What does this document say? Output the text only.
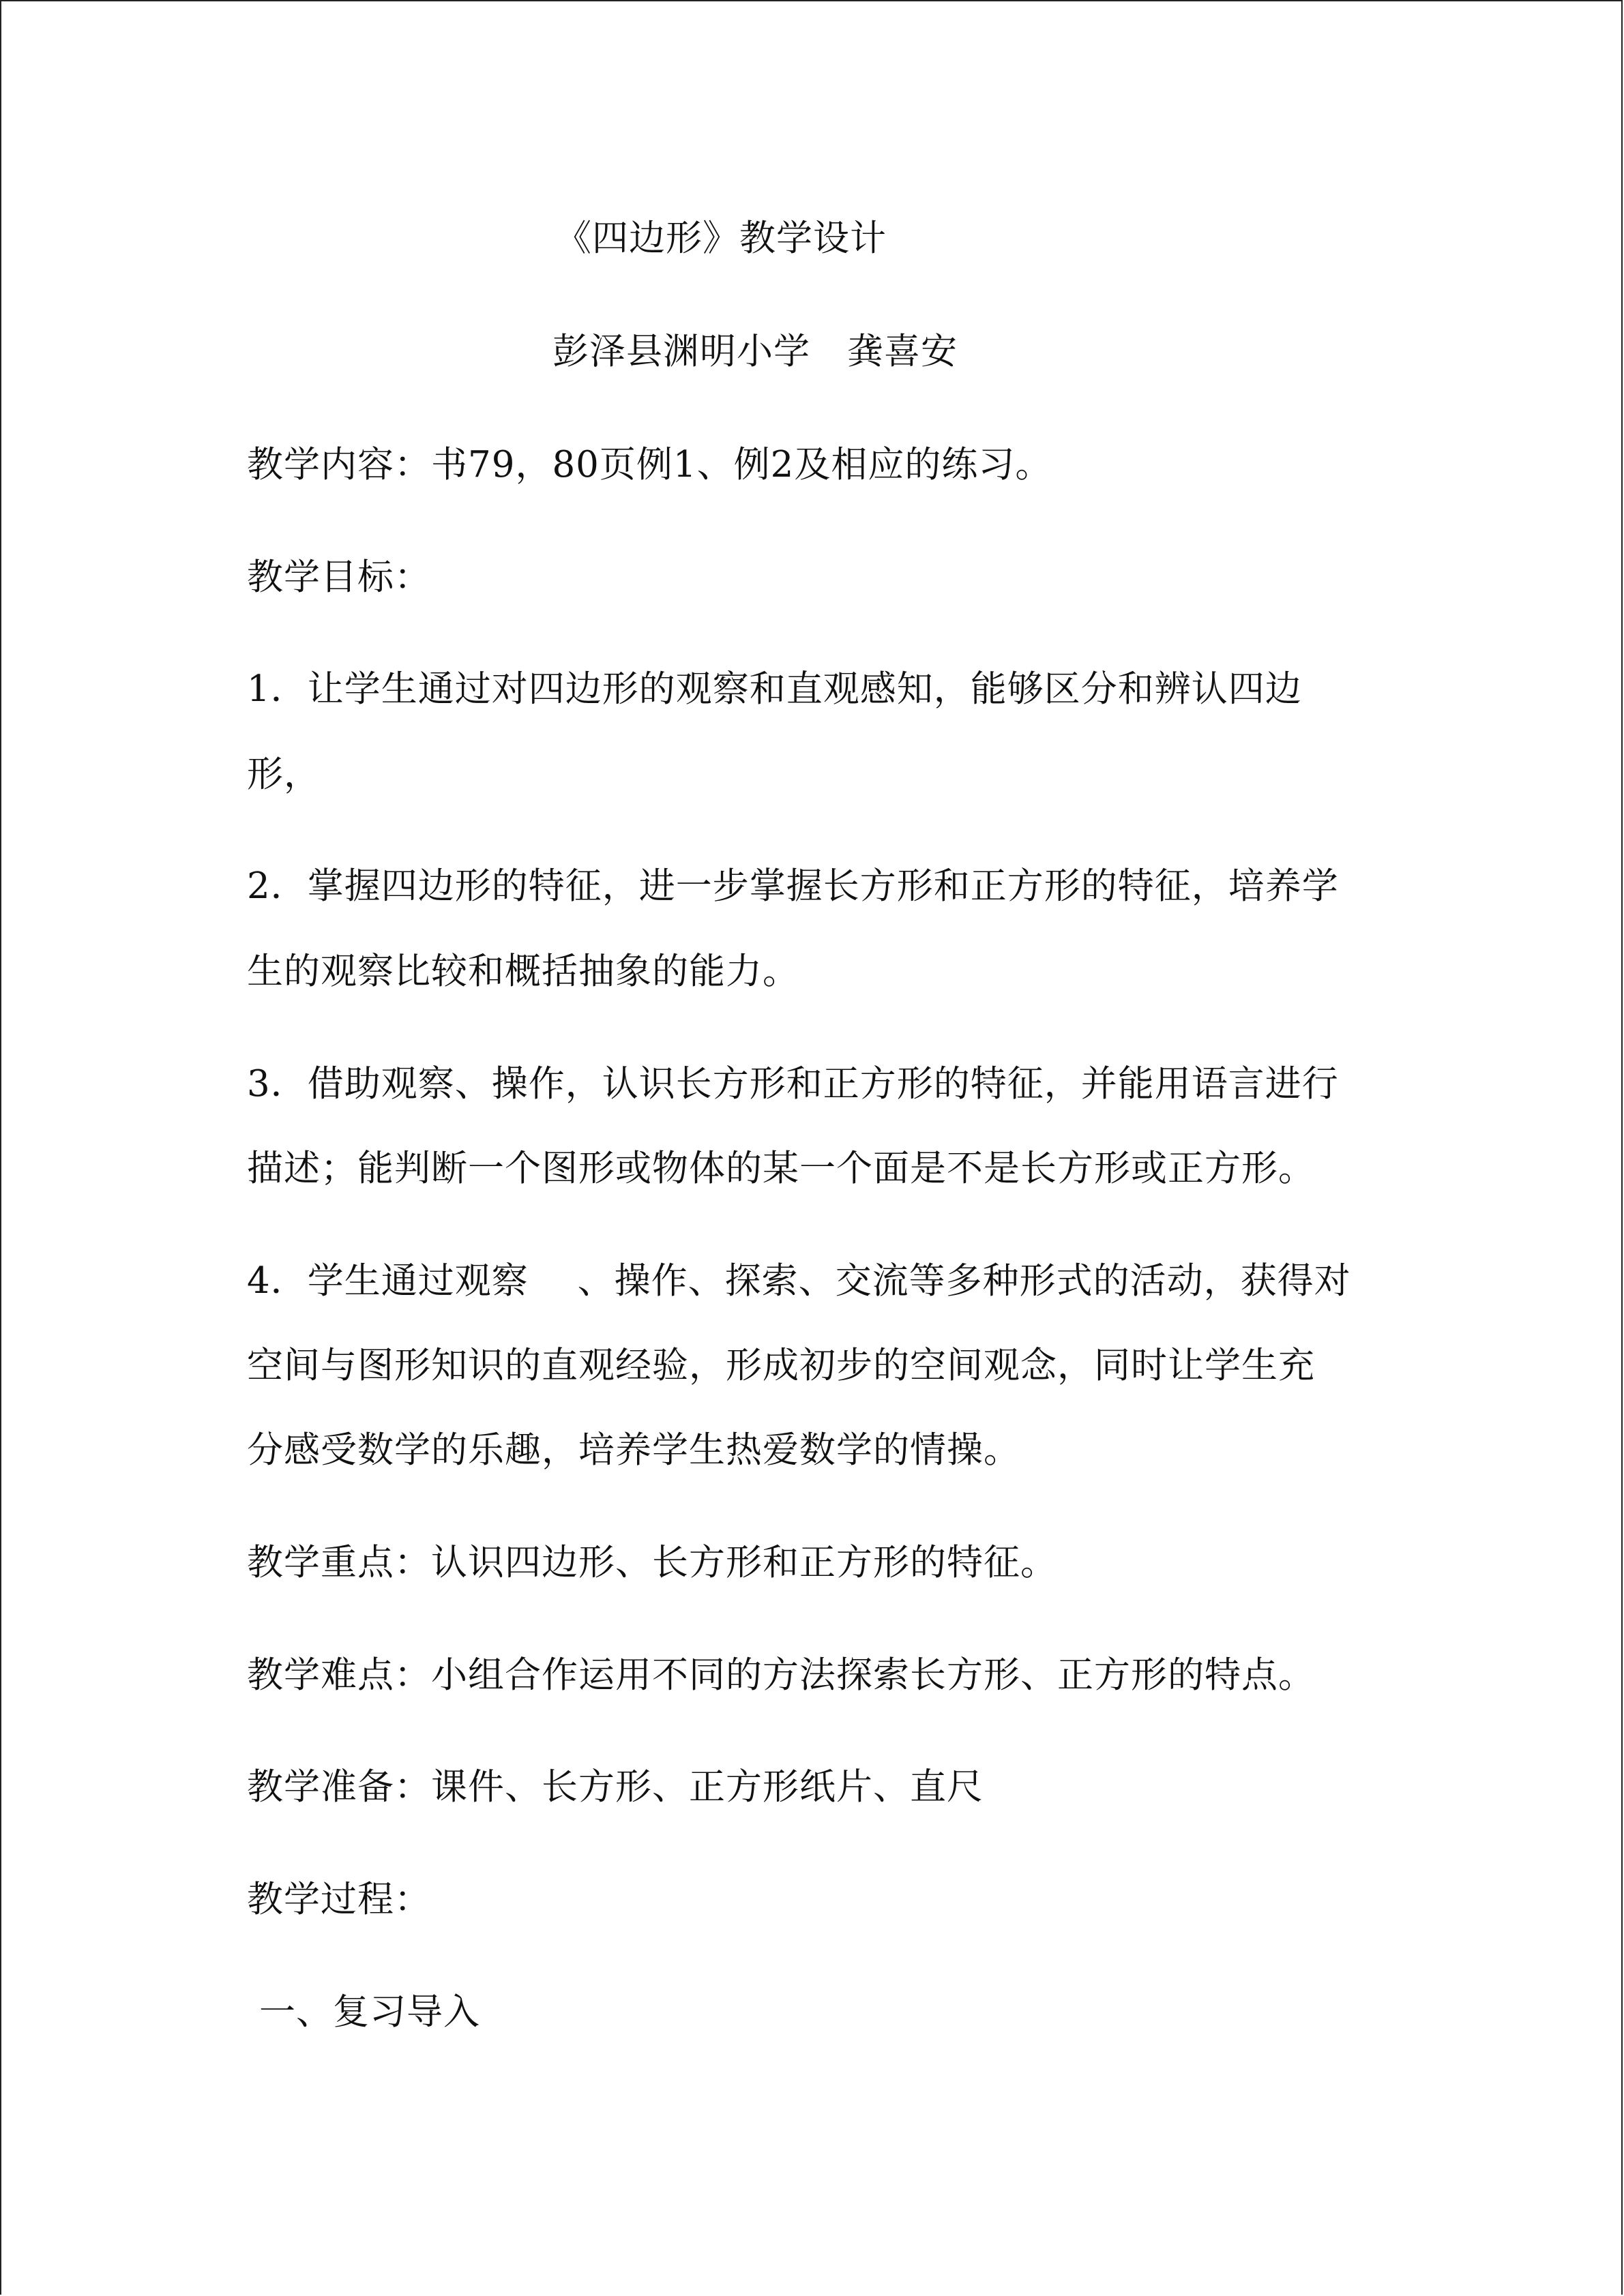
《四边形》教学设计
彭泽县渊明小学　龚喜安
教学内容：书79，80页例1、例2及相应的练习。
教学目标：
1．让学生通过对四边形的观察和直观感知，能够区分和辨认四边
形，
2．掌握四边形的特征，进一步掌握长方形和正方形的特征，培养学
生的观察比较和概括抽象的能力。
3．借助观察、操作，认识长方形和正方形的特征，并能用语言进行
描述；能判断一个图形或物体的某一个面是不是长方形或正方形。
4．学生通过观察　 、操作、探索、交流等多种形式的活动，获得对
空间与图形知识的直观经验，形成初步的空间观念，同时让学生充
分感受数学的乐趣，培养学生热爱数学的情操。
教学重点：认识四边形、长方形和正方形的特征。
教学难点：小组合作运用不同的方法探索长方形、正方形的特点。
教学准备：课件、长方形、正方形纸片、直尺
教学过程：
一、复习导入
